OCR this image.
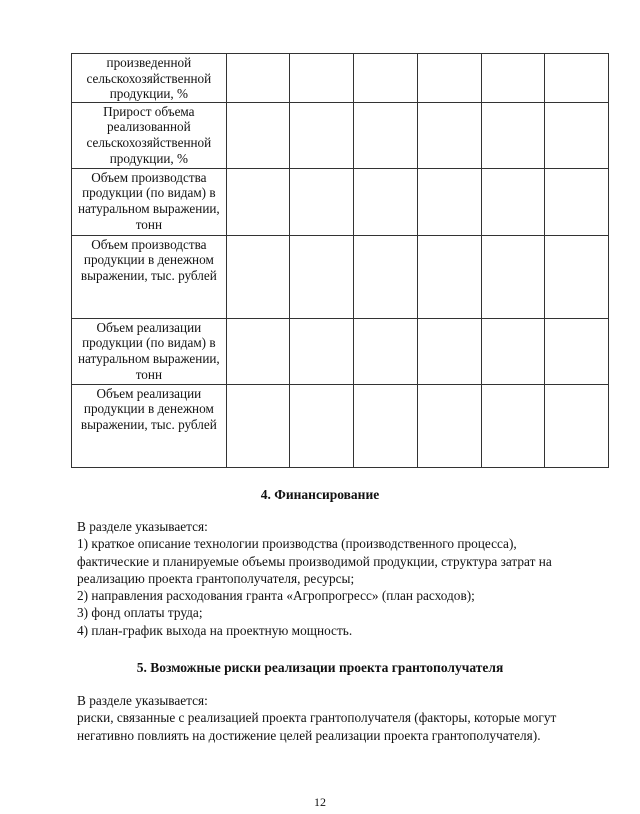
произведенной сельскохозяйственной продукции, %						
Прирост объема реализованной сельскохозяйственной продукции, %						
Объем производства продукции (по видам) в натуральном выражении, тонн						
Объем производства продукции в денежном выражении, тыс. рублей						
Объем реализации продукции (по видам) в натуральном выражении, тонн						
Объем реализации продукции в денежном выражении, тыс. рублей						
4. Финансирование
В разделе указывается:
1) краткое описание технологии производства (производственного процесса),
фактические и планируемые объемы производимой продукции, структура затрат на
реализацию проекта грантополучателя, ресурсы;
2) направления расходования гранта «Агропрогресс» (план расходов);
3) фонд оплаты труда;
4) план-график выхода на проектную мощность.
5. Возможные риски реализации проекта грантополучателя
В разделе указывается:
риски, связанные с реализацией проекта грантополучателя (факторы, которые могут
негативно повлиять на достижение целей реализации проекта грантополучателя).
12
